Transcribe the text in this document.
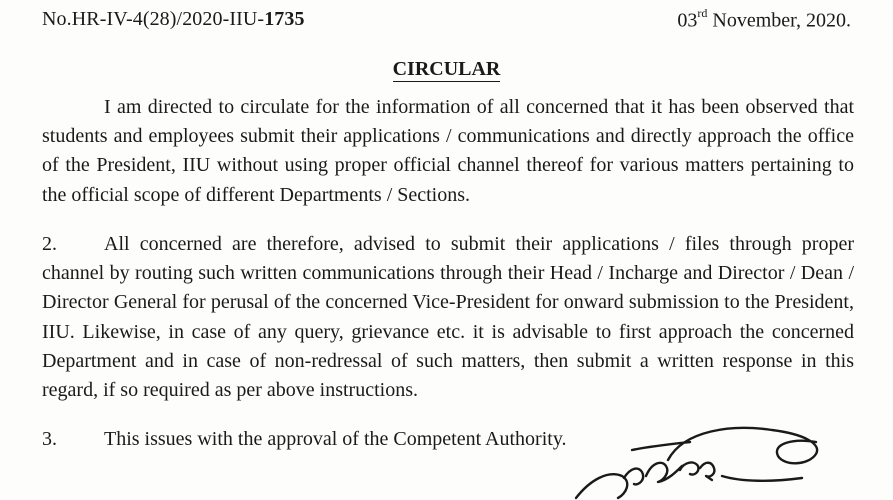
No.HR-IV-4(28)/2020-IIU-1735	03rd November, 2020.
CIRCULAR
I am directed to circulate for the information of all concerned that it has been observed that students and employees submit their applications / communications and directly approach the office of the President, IIU without using proper official channel thereof for various matters pertaining to the official scope of different Departments / Sections.
2. All concerned are therefore, advised to submit their applications / files through proper channel by routing such written communications through their Head / Incharge and Director / Dean / Director General for perusal of the concerned Vice-President for onward submission to the President, IIU. Likewise, in case of any query, grievance etc. it is advisable to first approach the concerned Department and in case of non-redressal of such matters, then submit a written response in this regard, if so required as per above instructions.
3. This issues with the approval of the Competent Authority.
